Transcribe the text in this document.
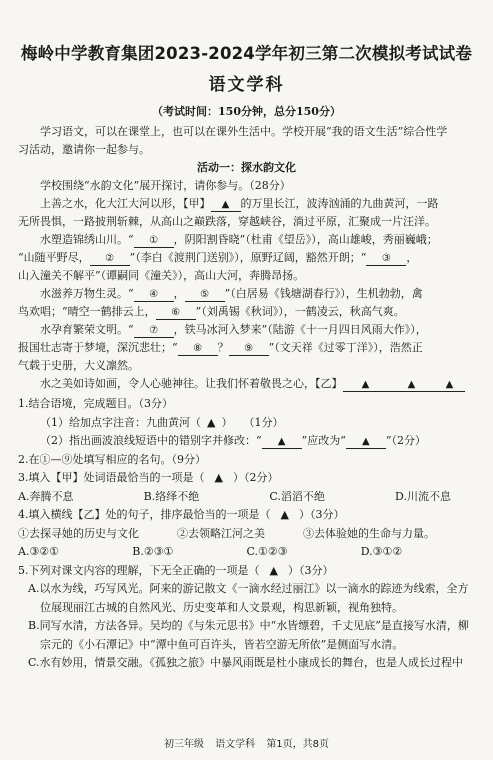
梅岭中学教育集团2023-2024学年初三第二次模拟考试试卷
语文学科
（考试时间：150分钟，总分150分）

学习语文，可以在课堂上，也可以在课外生活中。学校开展“我的语文生活”综合性学

习活动，邀请你一起参与。

活动一：探水韵文化

学校围绕“水韵文化”展开探讨，请你参与。（28分）

上善之水，化大江大河以形，【甲】 ▲ 的万里长江，波涛汹涌的九曲黄河，一路

无所畏惧，一路披荆斩棘，从高山之巅跌落，穿越峡谷，淌过平原，汇聚成一片汪洋。

水塑造锦绣山川。“ ① ，阴阳割昏晓”（杜甫《望岳》），高山雄峻，秀丽巍峨；

“山随平野尽， ② ”（李白《渡荆门送别》），原野辽阔，豁然开朗；“ ③ ，

山入潼关不解平”（谭嗣同《潼关》），高山大河，奔腾昂扬。

水滋养万物生灵。“ ④ ， ⑤ ”（白居易《钱塘湖春行》），生机勃勃，禽

鸟欢唱；“晴空一鹤排云上， ⑥ ”（刘禹锡《秋词》），一鹤凌云，秋高气爽。

水孕育繁荣文明。“ ⑦ ，铁马冰河入梦来”（陆游《十一月四日风雨大作》），

报国壮志寄于梦境，深沉悲壮；“ ⑧ ？ ⑨ ”（文天祥《过零丁洋》），浩然正

气载于史册，大义凛然。

水之美如诗如画，令人心驰神往。让我们怀着敬畏之心，【乙】 ▲	▲	▲

1.结合语境，完成题目。（3分）

（1）给加点字注音：九曲黄河（ ▲ ）　　（1分）

（2）指出画波浪线短语中的错别字并修改：“ ▲ ”应改为“ ▲ ”（2分）

2.在①—⑨处填写相应的名句。（9分）

3.填入【甲】处词语最恰当的一项是（ ▲ ）（2分）

A.奔腾不息	B.络绎不绝	C.滔滔不绝	D.川流不息

4.填入横线【乙】处的句子，排序最恰当的一项是（ ▲ ）（3分）

①去探寻她的历史与文化	②去领略江河之美	③去体验她的生命与力量。

A.③②①	B.②③①	C.①②③	D.③①②

5.下列对课文内容的理解，下无全正确的一项是（ ▲ ）（3分）

A.以水为线，巧写风光。阿来的游记散文《一滴水经过丽江》以一滴水的踪迹为线索，全方位展现丽江古城的自然风光、历史变革和人文景观，构思新颖，视角独特。

B.同写水清，方法各异。吴均的《与朱元思书》中“水皆缥碧，千丈见底”是直接写水清，柳宗元的《小石潭记》中“潭中鱼可百许头，皆若空游无所依”是侧面写水清。

C.水有妙用，情景交融。《孤独之旅》中暴风雨既是杜小康成长的舞台，也是人成长过程中

初三年级 语文学科 第1页，共8页
